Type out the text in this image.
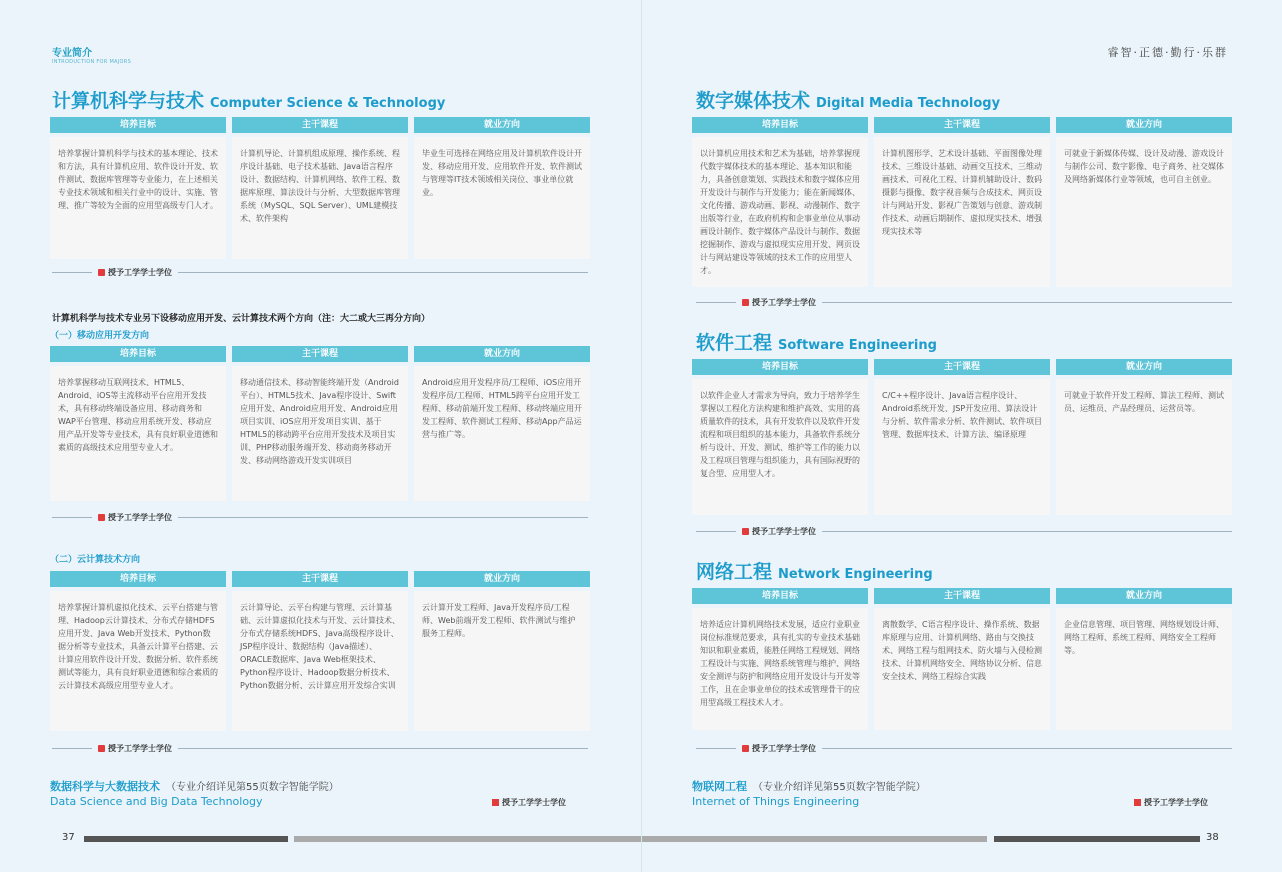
专业简介
INTRODUCTION FOR MAJORS
计算机科学与技术 Computer Science & Technology
培养目标
培养掌握计算机科学与技术的基本理论、技术和方法，具有计算机应用、软件设计开发、软件测试、数据库管理等专业能力，在上述相关专业技术领域和相关行业中的设计、实施、管理、推广等较为全面的应用型高级专门人才。
主干课程
计算机导论、计算机组成原理、操作系统、程序设计基础、电子技术基础、Java语言程序设计、数据结构、计算机网络、软件工程、数据库原理、算法设计与分析、大型数据库管理系统（MySQL、SQL Server）、UML建模技术、软件架构
就业方向
毕业生可选择在网络应用及计算机软件设计开发、移动应用开发、应用软件开发、软件测试与管理等IT技术领域相关岗位、事业单位就业。
授予工学学士学位
计算机科学与技术专业另下设移动应用开发、云计算技术两个方向（注：大二或大三再分方向）
（一）移动应用开发方向
培养目标
培养掌握移动互联网技术、HTML5、Android、iOS等主流移动平台应用开发技术，具有移动终端设备应用、移动商务和WAP平台管理、移动应用系统开发、移动应用产品开发等专业技术，具有良好职业道德和素质的高级技术应用型专业人才。
主干课程
移动通信技术、移动智能终端开发（Android平台）、HTML5技术、Java程序设计、Swift应用开发、Android应用开发、Android应用项目实训、iOS应用开发项目实训、基于HTML5的移动跨平台应用开发技术及项目实训、PHP移动服务端开发、移动商务移动开发、移动网络游戏开发实训项目
就业方向
Android应用开发程序员/工程师、iOS应用开发程序员/工程师、HTML5跨平台应用开发工程师、移动前端开发工程师、移动终端应用开发工程师、软件测试工程师、移动App产品运营与推广等。
授予工学学士学位
（二）云计算技术方向
培养目标
培养掌握计算机虚拟化技术、云平台搭建与管理、Hadoop云计算技术、分布式存储HDFS应用开发、Java Web开发技术、Python数据分析等专业技术，具备云计算平台搭建、云计算应用软件设计开发、数据分析、软件系统测试等能力，具有良好职业道德和综合素质的云计算技术高级应用型专业人才。
主干课程
云计算导论、云平台构建与管理、云计算基础、云计算虚拟化技术与开发、云计算技术、分布式存储系统HDFS、Java高级程序设计、JSP程序设计、数据结构（Java描述）、ORACLE数据库、Java Web框架技术、Python程序设计、Hadoop数据分析技术、Python数据分析、云计算应用开发综合实训
就业方向
云计算开发工程师、Java开发程序员/工程师、Web前端开发工程师、软件测试与维护服务工程师。
授予工学学士学位
数据科学与大数据技术 （专业介绍详见第55页数字智能学院）
Data Science and Big Data Technology	授予工学学士学位
37
睿智·正德·勤行·乐群
数字媒体技术 Digital Media Technology
培养目标
以计算机应用技术和艺术为基础，培养掌握现代数字媒体技术的基本理论、基本知识和能力，具备创意策划、实践技术和数字媒体应用开发设计与制作与开发能力；能在新闻媒体、文化传播、游戏动画、影视、动漫制作、数字出版等行业，在政府机构和企事业单位从事动画设计制作、数字媒体产品设计与制作、数据挖掘制作、游戏与虚拟现实应用开发、网页设计与网站建设等领域的技术工作的应用型人才。
主干课程
计算机图形学、艺术设计基础、平面图像处理技术、三维设计基础、动画交互技术、三维动画技术、可视化工程、计算机辅助设计、数码摄影与摄像、数字视音频与合成技术、网页设计与网站开发、影视广告策划与创意、游戏制作技术、动画后期制作、虚拟现实技术、增强现实技术等
就业方向
可就业于新媒体传媒、设计及动漫、游戏设计与制作公司、数字影像、电子商务、社交媒体及网络新媒体行业等领域，也可自主创业。
授予工学学士学位
软件工程 Software Engineering
培养目标
以软件企业人才需求为导向，致力于培养学生掌握以工程化方法构建和维护高效、实用的高质量软件的技术，具有开发软件以及软件开发流程和项目组织的基本能力，具备软件系统分析与设计、开发、测试、维护等工作的能力以及工程项目管理与组织能力，具有国际视野的复合型、应用型人才。
主干课程
C/C++程序设计、Java语言程序设计、Android系统开发、JSP开发应用、算法设计与分析、软件需求分析、软件测试、软件项目管理、数据库技术、计算方法、编译原理
就业方向
可就业于软件开发工程师、算法工程师、测试员、运维员、产品经理员、运营员等。
授予工学学士学位
网络工程 Network Engineering
培养目标
培养适应计算机网络技术发展，适应行业职业岗位标准规范要求，具有扎实的专业技术基础知识和职业素质，能胜任网络工程规划、网络工程设计与实施、网络系统管理与维护、网络安全测评与防护和网络应用开发设计与开发等工作，且在企事业单位的技术或管理骨干的应用型高级工程技术人才。
主干课程
离散数学、C语言程序设计、操作系统、数据库原理与应用、计算机网络、路由与交换技术、网络工程与组网技术、防火墙与入侵检测技术、计算机网络安全、网络协议分析、信息安全技术、网络工程综合实践
就业方向
企业信息管理、项目管理、网络规划设计师、网络工程师、系统工程师、网络安全工程师等。
授予工学学士学位
物联网工程 （专业介绍详见第55页数字智能学院）
Internet of Things Engineering	授予工学学士学位
38
